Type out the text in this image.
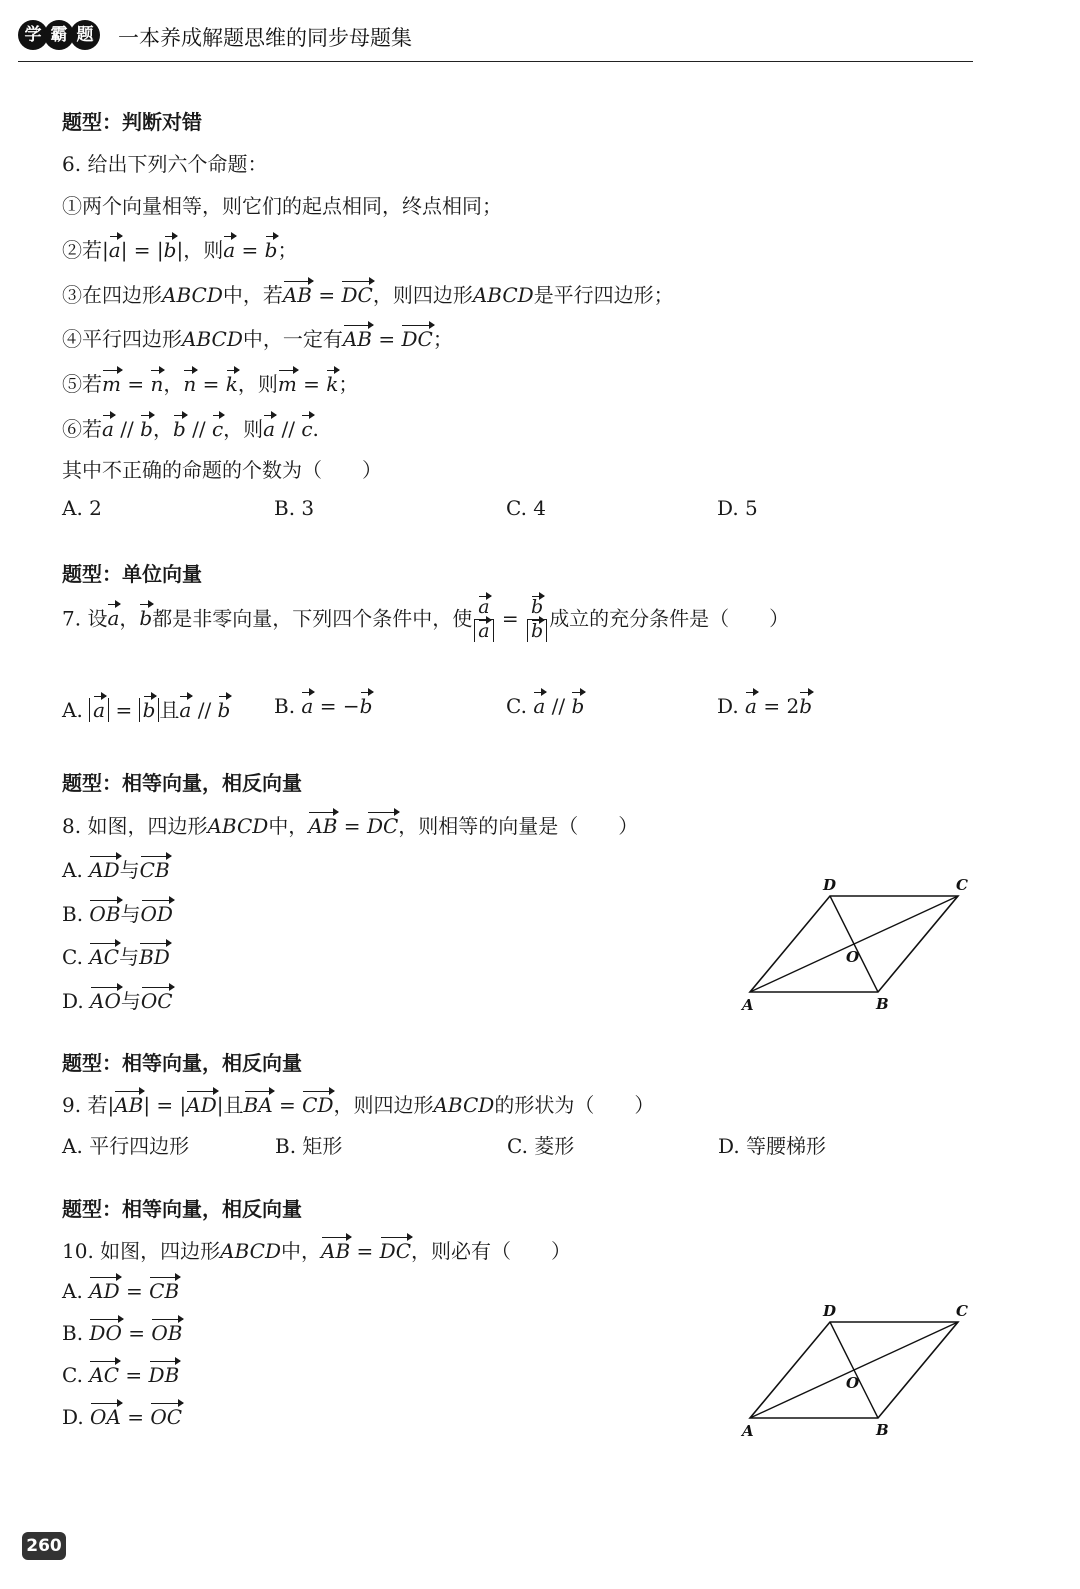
学 霸 题	一本养成解题思维的同步母题集
题型：判断对错
6. 给出下列六个命题：
①两个向量相等，则它们的起点相同，终点相同；
②若|a| = |b|，则a = b；
③在四边形ABCD中，若AB = DC，则四边形ABCD是平行四边形；
④平行四边形ABCD中，一定有AB = DC；
⑤若m = n，n = k，则m = k；
⑥若a // b，b // c，则a // c.
其中不正确的命题的个数为（　　）
A. 2	B. 3	C. 4	D. 5
题型：单位向量
7. 设a，b都是非零向量，下列四个条件中，使 $\frac{a}{a} = \frac{b}{b}$ 成立的充分条件是（　　）
A. a = b 且a // b B. a = −b	C. a // b	D. a = 2b
题型：相等向量，相反向量
8. 如图，四边形ABCD中，AB = DC，则相等的向量是（　　）
A. AD与CB
B. OB与OD
C. AC与BD
D. AO与OC	A	B
C
D
O
题型：相等向量，相反向量
9. 若|AB| = |AD|且BA = CD，则四边形ABCD的形状为（　　）
A. 平行四边形	B. 矩形	C. 菱形	D. 等腰梯形
题型：相等向量，相反向量
10. 如图，四边形ABCD中，AB = DC，则必有（　　）
A. AD = CB
B. DO = OB
C. AC = DB
D. OA = OC
A	B
C
D
O
260
